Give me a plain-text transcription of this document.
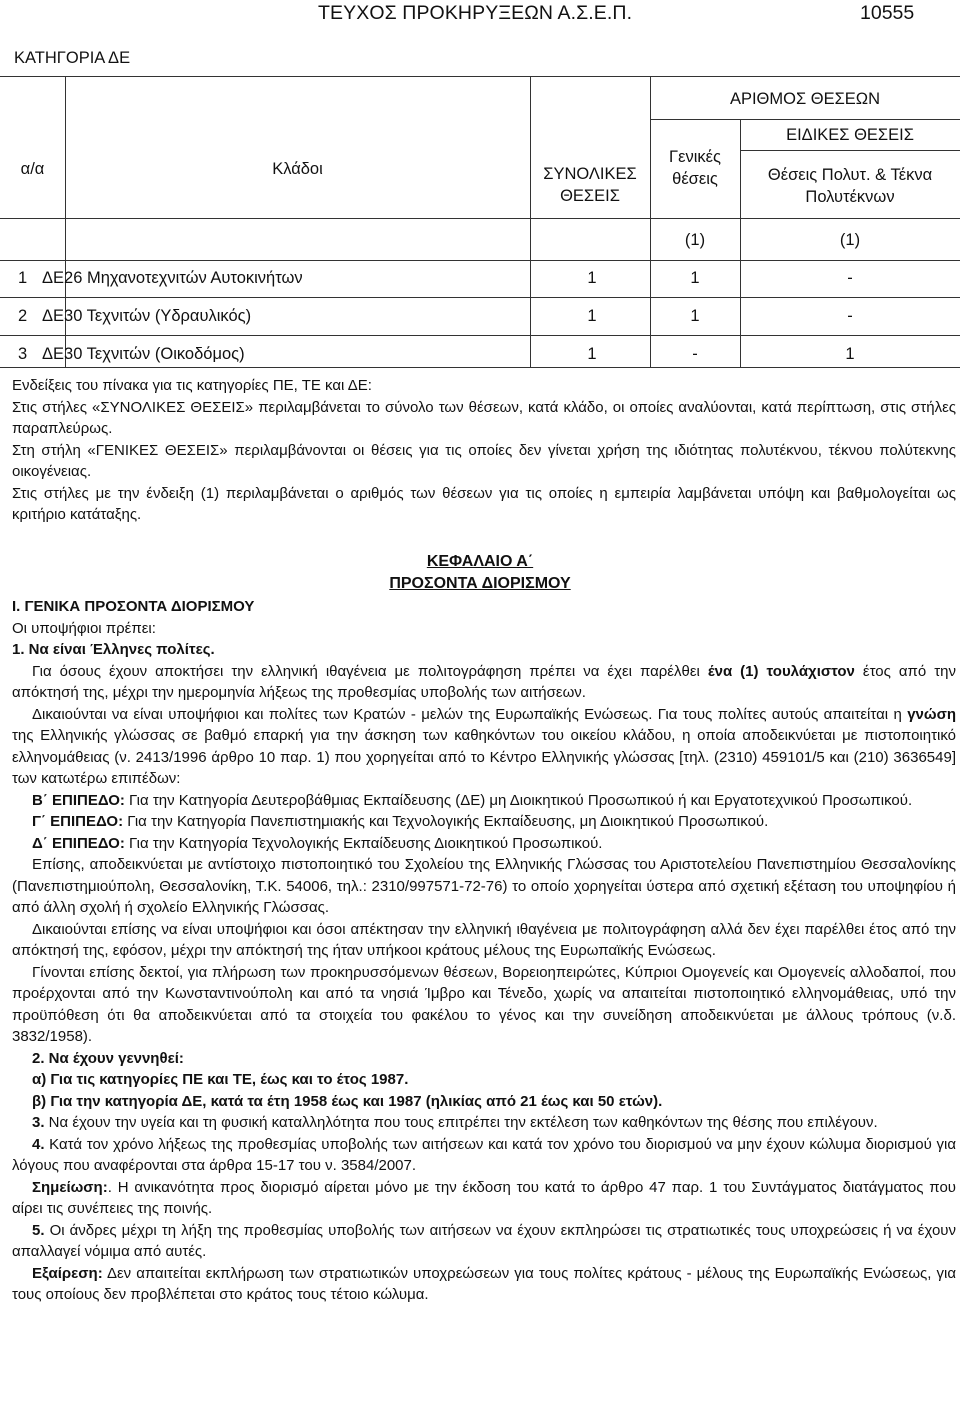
ΤΕΥΧΟΣ ΠΡΟΚΗΡΥΞΕΩΝ Α.Σ.Ε.Π.	10555
ΚΑΤΗΓΟΡΙΑ ΔΕ
α/α	Κλάδοι
ΑΡΙΘΜΟΣ ΘΕΣΕΩΝ
ΣΥΝΟΛΙΚΕΣ
ΘΕΣΕΙΣ
Γενικές
θέσεις
ΕΙΔΙΚΕΣ ΘΕΣΕΙΣ
Θέσεις Πολυτ. & Τέκνα
Πολυτέκνων
(1)	(1)
1 ΔΕ26 Μηχανοτεχνιτών Αυτοκινήτων	1	1	-
2 ΔΕ30 Τεχνιτών (Υδραυλικός)	1	1	-
3 ΔΕ30 Τεχνιτών (Οικοδόμος)	1	-	1

Ενδείξεις του πίνακα για τις κατηγορίες ΠΕ, ΤΕ και ΔΕ:

Στις στήλες «ΣΥΝΟΛΙΚΕΣ ΘΕΣΕΙΣ» περιλαμβάνεται το σύνολο των θέσεων, κατά κλάδο, οι οποίες αναλύονται, κατά περίπτωση, στις στήλες παραπλεύρως.

Στη στήλη «ΓΕΝΙΚΕΣ ΘΕΣΕΙΣ» περιλαμβάνονται οι θέσεις για τις οποίες δεν γίνεται χρήση της ιδιότητας πολυτέκνου, τέκνου πολύτεκνης οικογένειας.

Στις στήλες με την ένδειξη (1) περιλαμβάνεται ο αριθμός των θέσεων για τις οποίες η εμπειρία λαμβάνεται υπόψη και βαθμολογείται ως κριτήριο κατάταξης.

ΚΕΦΑΛΑΙΟ Α΄
ΠΡΟΣΟΝΤΑ ΔΙΟΡΙΣΜΟΥ

Ι. ΓΕΝΙΚΑ ΠΡΟΣΟΝΤΑ ΔΙΟΡΙΣΜΟΥ

Οι υποψήφιοι πρέπει:

1. Να είναι Έλληνες πολίτες.

Για όσους έχουν αποκτήσει την ελληνική ιθαγένεια με πολιτογράφηση πρέπει να έχει παρέλθει ένα (1) τουλάχιστον έτος από την απόκτησή της, μέχρι την ημερομηνία λήξεως της προθεσμίας υποβολής των αιτήσεων.

Δικαιούνται να είναι υποψήφιοι και πολίτες των Κρατών - μελών της Ευρωπαϊκής Ενώσεως. Για τους πολίτες αυτούς απαιτείται η γνώση της Ελληνικής γλώσσας σε βαθμό επαρκή για την άσκηση των καθηκόντων του οικείου κλάδου, η οποία αποδεικνύεται με πιστοποιητικό ελληνομάθειας (ν. 2413/1996 άρθρο 10 παρ. 1) που χορηγείται από το Κέντρο Ελληνικής γλώσσας [τηλ. (2310) 459101/5 και (210) 3636549] των κατωτέρω επιπέδων:

Β΄ ΕΠΙΠΕΔΟ: Για την Κατηγορία Δευτεροβάθμιας Εκπαίδευσης (ΔΕ) μη Διοικητικού Προσωπικού ή και Εργατοτεχνικού Προσωπικού.

Γ΄ ΕΠΙΠΕΔΟ: Για την Κατηγορία Πανεπιστημιακής και Τεχνολογικής Εκπαίδευσης, μη Διοικητικού Προσωπικού.

Δ΄ ΕΠΙΠΕΔΟ: Για την Κατηγορία Τεχνολογικής Εκπαίδευσης Διοικητικού Προσωπικού.

Επίσης, αποδεικνύεται με αντίστοιχο πιστοποιητικό του Σχολείου της Ελληνικής Γλώσσας του Αριστοτελείου Πανεπιστημίου Θεσσαλονίκης (Πανεπιστημιούπολη, Θεσσαλονίκη, Τ.Κ. 54006, τηλ.: 2310/997571-72-76) το οποίο χορηγείται ύστερα από σχετική εξέταση του υποψηφίου ή από άλλη σχολή ή σχολείο Ελληνικής Γλώσσας.

Δικαιούνται επίσης να είναι υποψήφιοι και όσοι απέκτησαν την ελληνική ιθαγένεια με πολιτογράφηση αλλά δεν έχει παρέλθει έτος από την απόκτησή της, εφόσον, μέχρι την απόκτησή της ήταν υπήκοοι κράτους μέλους της Ευρωπαϊκής Ενώσεως.

Γίνονται επίσης δεκτοί, για πλήρωση των προκηρυσσόμενων θέσεων, Βορειοηπειρώτες, Κύπριοι Ομογενείς και Ομογενείς αλλοδαποί, που προέρχονται από την Κωνσταντινούπολη και από τα νησιά Ίμβρο και Τένεδο, χωρίς να απαιτείται πιστοποιητικό ελληνομάθειας, υπό την προϋπόθεση ότι θα αποδεικνύεται από τα στοιχεία του φακέλου το γένος και την συνείδηση αποδεικνύεται με άλλους τρόπους (ν.δ. 3832/1958).

2. Να έχουν γεννηθεί:

α) Για τις κατηγορίες ΠΕ και ΤΕ, έως και το έτος 1987.

β) Για την κατηγορία ΔΕ, κατά τα έτη 1958 έως και 1987 (ηλικίας από 21 έως και 50 ετών).

3. Να έχουν την υγεία και τη φυσική καταλληλότητα που τους επιτρέπει την εκτέλεση των καθηκόντων της θέσης που επιλέγουν.

4. Κατά τον χρόνο λήξεως της προθεσμίας υποβολής των αιτήσεων και κατά τον χρόνο του διορισμού να μην έχουν κώλυμα διορισμού για λόγους που αναφέρονται στα άρθρα 15-17 του ν. 3584/2007.

Σημείωση:. Η ανικανότητα προς διορισμό αίρεται μόνο με την έκδοση του κατά το άρθρο 47 παρ. 1 του Συντάγματος διατάγματος που αίρει τις συνέπειες της ποινής.

5. Οι άνδρες μέχρι τη λήξη της προθεσμίας υποβολής των αιτήσεων να έχουν εκπληρώσει τις στρατιωτικές τους υποχρεώσεις ή να έχουν απαλλαγεί νόμιμα από αυτές.

Εξαίρεση: Δεν απαιτείται εκπλήρωση των στρατιωτικών υποχρεώσεων για τους πολίτες κράτους - μέλους της Ευρωπαϊκής Ενώσεως, για τους οποίους δεν προβλέπεται στο κράτος τους τέτοιο κώλυμα.
